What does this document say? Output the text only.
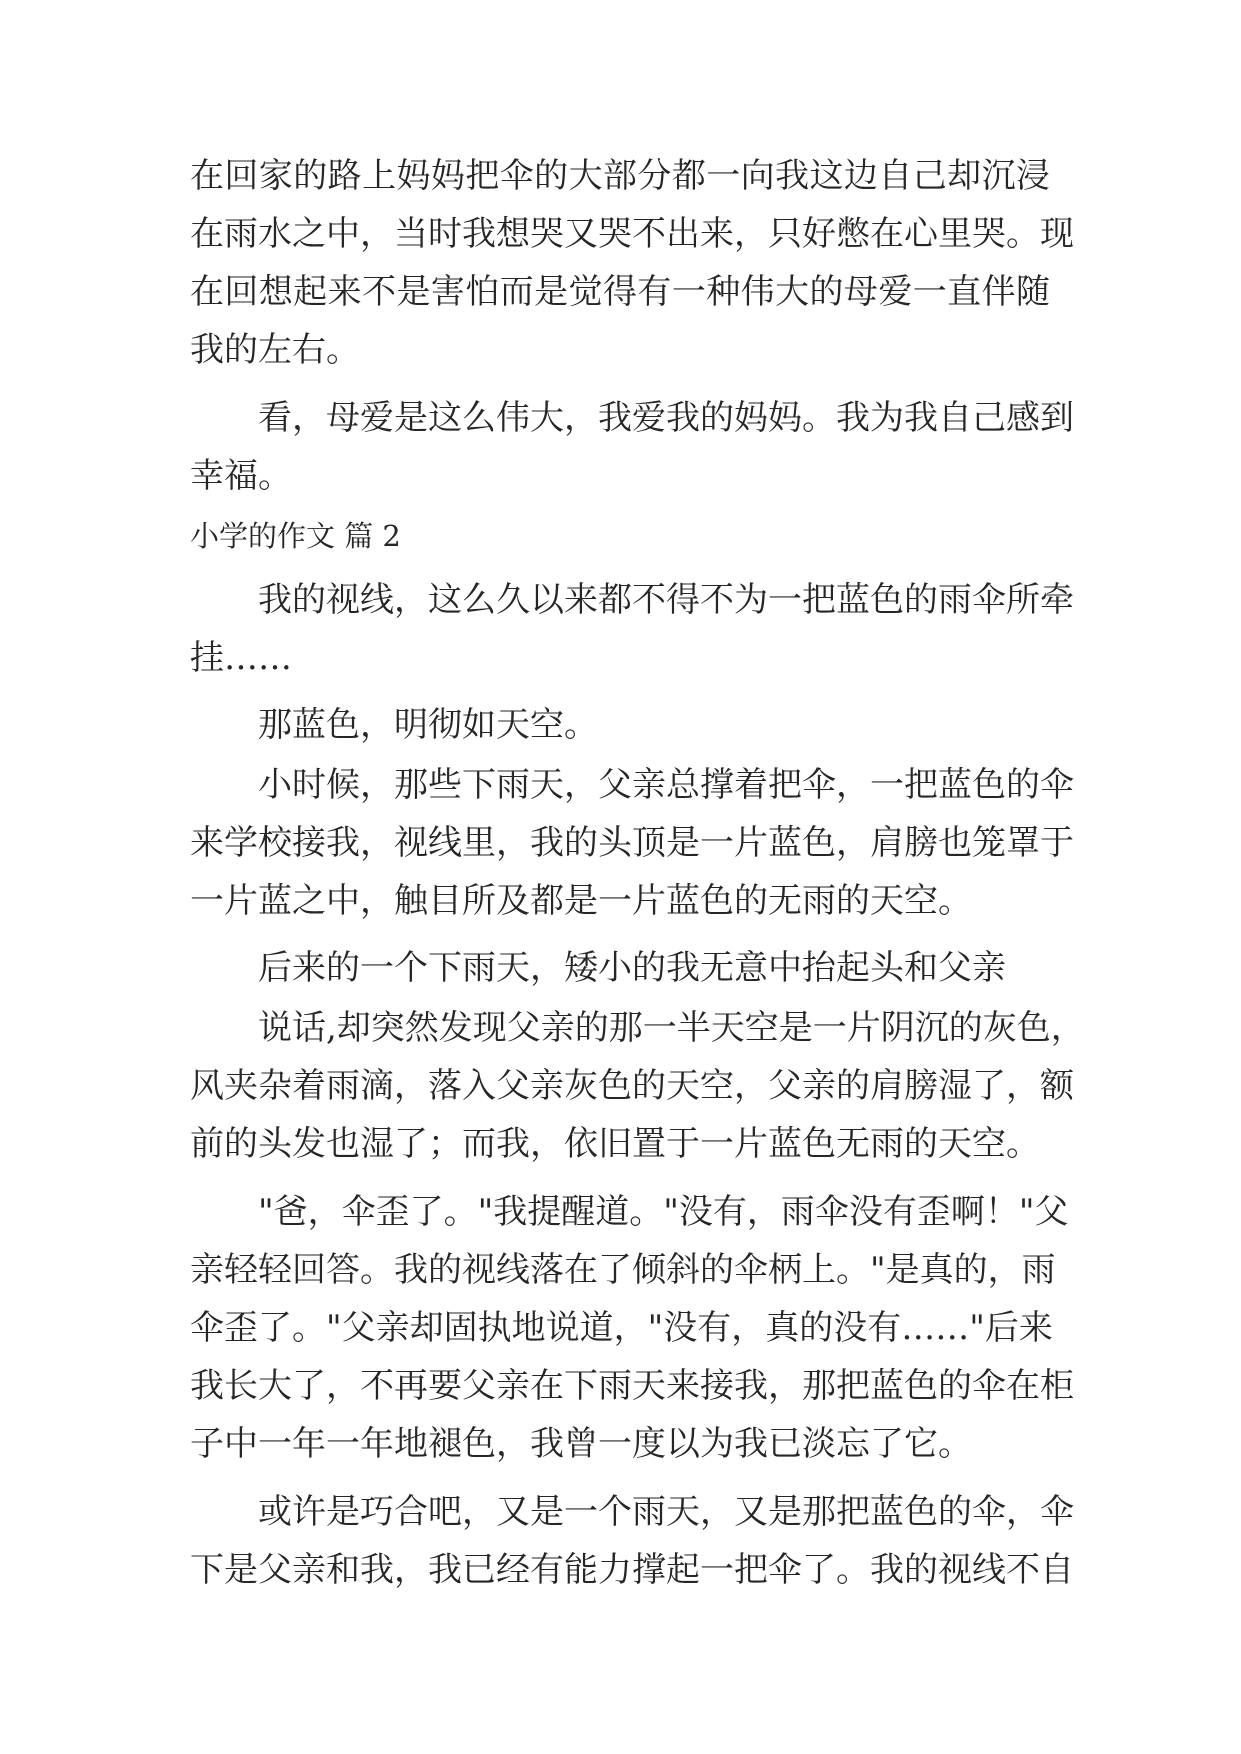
在回家的路上妈妈把伞的大部分都一向我这边自己却沉浸
在雨水之中，当时我想哭又哭不出来，只好憋在心里哭。现
在回想起来不是害怕而是觉得有一种伟大的母爱一直伴随
我的左右。
看，母爱是这么伟大，我爱我的妈妈。我为我自己感到
幸福。
小学的作文 篇 2
我的视线，这么久以来都不得不为一把蓝色的雨伞所牵
挂……
那蓝色，明彻如天空。
小时候，那些下雨天，父亲总撑着把伞，一把蓝色的伞
来学校接我，视线里，我的头顶是一片蓝色，肩膀也笼罩于
一片蓝之中，触目所及都是一片蓝色的无雨的天空。
后来的一个下雨天，矮小的我无意中抬起头和父亲
说话,却突然发现父亲的那一半天空是一片阴沉的灰色，
风夹杂着雨滴，落入父亲灰色的天空，父亲的肩膀湿了，额
前的头发也湿了；而我，依旧置于一片蓝色无雨的天空。
"爸，伞歪了。"我提醒道。"没有，雨伞没有歪啊！"父
亲轻轻回答。我的视线落在了倾斜的伞柄上。"是真的，雨
伞歪了。"父亲却固执地说道，"没有，真的没有……"后来
我长大了，不再要父亲在下雨天来接我，那把蓝色的伞在柜
子中一年一年地褪色，我曾一度以为我已淡忘了它。
或许是巧合吧，又是一个雨天，又是那把蓝色的伞，伞
下是父亲和我，我已经有能力撑起一把伞了。我的视线不自
